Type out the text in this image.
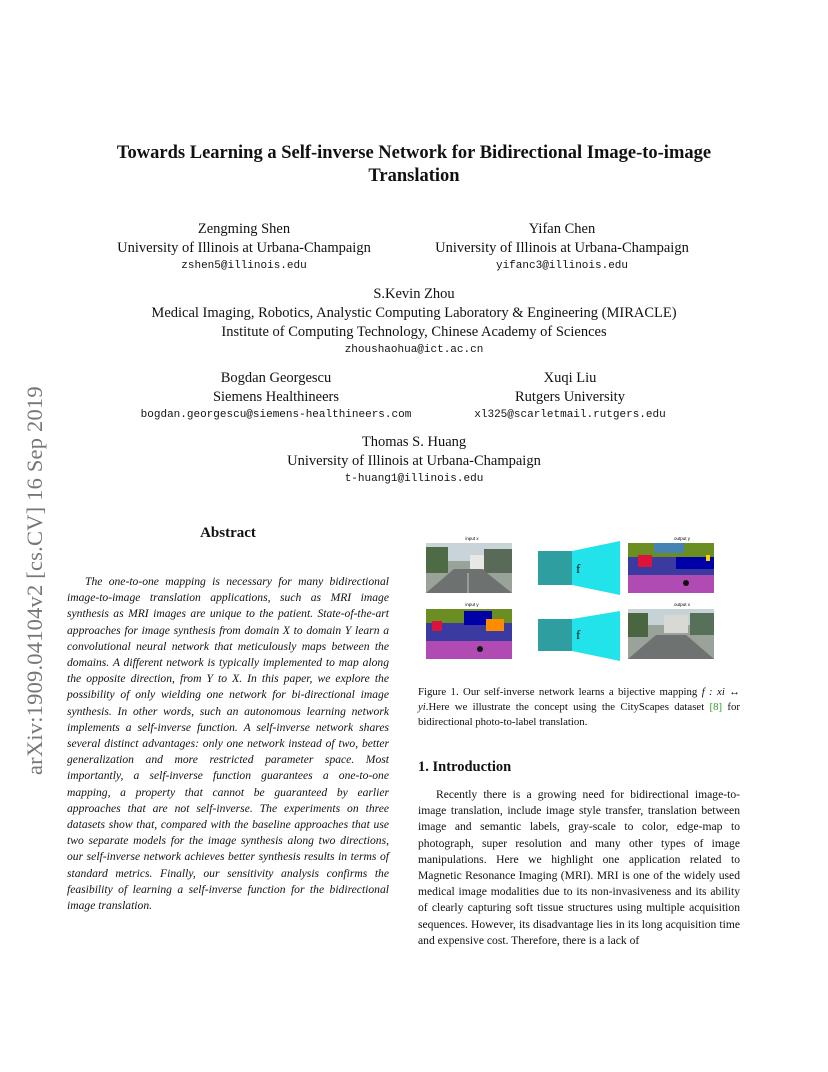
arXiv:1909.04104v2 [cs.CV] 16 Sep 2019
Towards Learning a Self-inverse Network for Bidirectional Image-to-image
Translation
Zengming Shen
University of Illinois at Urbana-Champaign
zshen5@illinois.edu
Yifan Chen
University of Illinois at Urbana-Champaign
yifanc3@illinois.edu
S.Kevin Zhou
Medical Imaging, Robotics, Analystic Computing Laboratory & Engineering (MIRACLE)
Institute of Computing Technology, Chinese Academy of Sciences
zhoushaohua@ict.ac.cn
Bogdan Georgescu
Siemens Healthineers
bogdan.georgescu@siemens-healthineers.com
Xuqi Liu
Rutgers University
xl325@scarletmail.rutgers.edu
Thomas S. Huang
University of Illinois at Urbana-Champaign
t-huang1@illinois.edu
Abstract

The one-to-one mapping is necessary for many bidirectional image-to-image translation applications, such as MRI image synthesis as MRI images are unique to the patient. State-of-the-art approaches for image synthesis from domain X to domain Y learn a convolutional neural network that meticulously maps between the domains. A different network is typically implemented to map along the opposite direction, from Y to X. In this paper, we explore the possibility of only wielding one network for bi-directional image synthesis. In other words, such an autonomous learning network implements a self-inverse function. A self-inverse network shares several distinct advantages: only one network instead of two, better generalization and more restricted parameter space. Most importantly, a self-inverse function guarantees a one-to-one mapping, a property that cannot be guaranteed by earlier approaches that are not self-inverse. The experiments on three datasets show that, compared with the baseline approaches that use two separate models for the image synthesis along two directions, our self-inverse network achieves better synthesis results in terms of standard metrics. Finally, our sensitivity analysis confirms the feasibility of learning a self-inverse function for the bidirectional image translation.

input x	output y
f
input y	output x
f

Figure 1. Our self-inverse network learns a bijective mapping f : xi ↔ yi.Here we illustrate the concept using the CityScapes dataset [8] for bidirectional photo-to-label translation.

1. Introduction

Recently there is a growing need for bidirectional image-to-image translation, include image style transfer, translation between image and semantic labels, gray-scale to color, edge-map to photograph, super resolution and many other types of image manipulations. Here we highlight one application related to Magnetic Resonance Imaging (MRI). MRI is one of the widely used medical image modalities due to its non-invasiveness and its ability of clearly capturing soft tissue structures using multiple acquisition sequences. However, its disadvantage lies in its long acquisition time and expensive cost. Therefore, there is a lack of
